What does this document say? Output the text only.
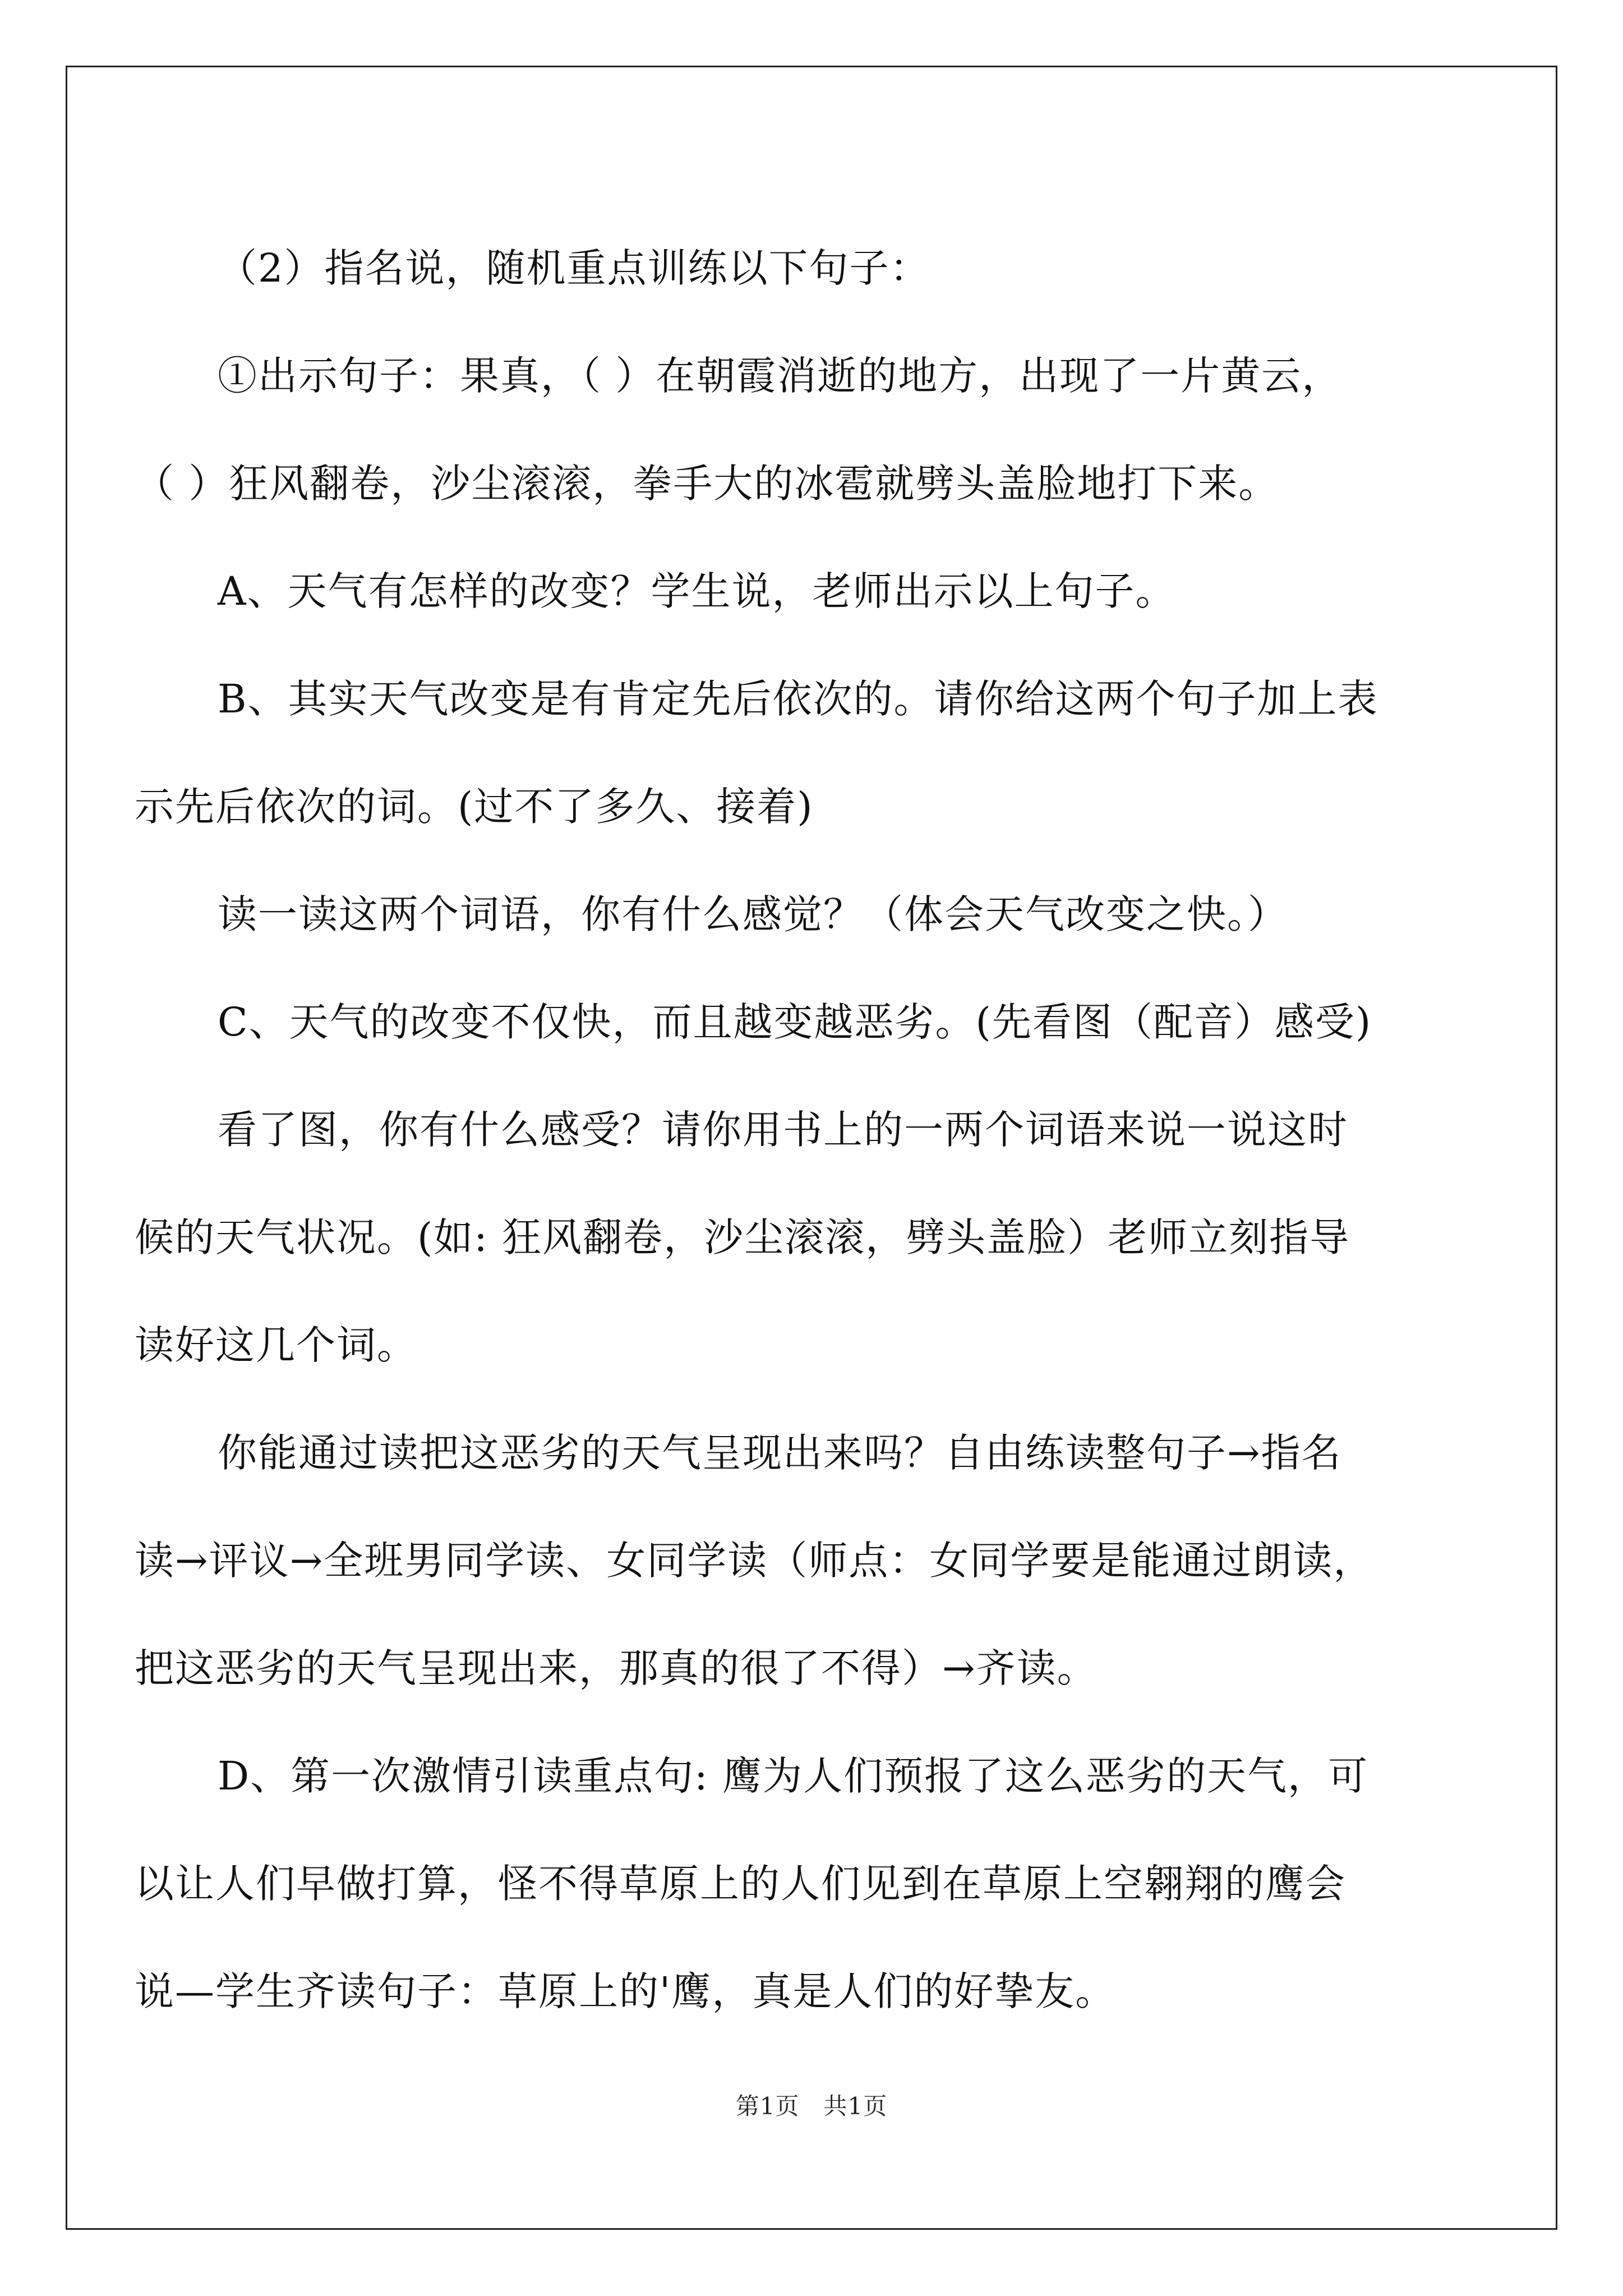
（2）指名说，随机重点训练以下句子：

①出示句子：果真，（ ）在朝霞消逝的地方，出现了一片黄云，
（ ）狂风翻卷，沙尘滚滚，拳手大的冰雹就劈头盖脸地打下来。

A、天气有怎样的改变？学生说，老师出示以上句子。

B、其实天气改变是有肯定先后依次的。请你给这两个句子加上表
示先后依次的词。(过不了多久、接着)

读一读这两个词语，你有什么感觉？（体会天气改变之快。）

C、天气的改变不仅快，而且越变越恶劣。(先看图（配音）感受)

看了图，你有什么感受？请你用书上的一两个词语来说一说这时
候的天气状况。(如: 狂风翻卷，沙尘滚滚，劈头盖脸）老师立刻指导
读好这几个词。

你能通过读把这恶劣的天气呈现出来吗？自由练读整句子→指名
读→评议→全班男同学读、女同学读（师点：女同学要是能通过朗读，
把这恶劣的天气呈现出来，那真的很了不得）→齐读。

D、第一次激情引读重点句: 鹰为人们预报了这么恶劣的天气，可
以让人们早做打算，怪不得草原上的人们见到在草原上空翱翔的鹰会
说—学生齐读句子：草原上的'鹰，真是人们的好挚友。

第1页　共1页
